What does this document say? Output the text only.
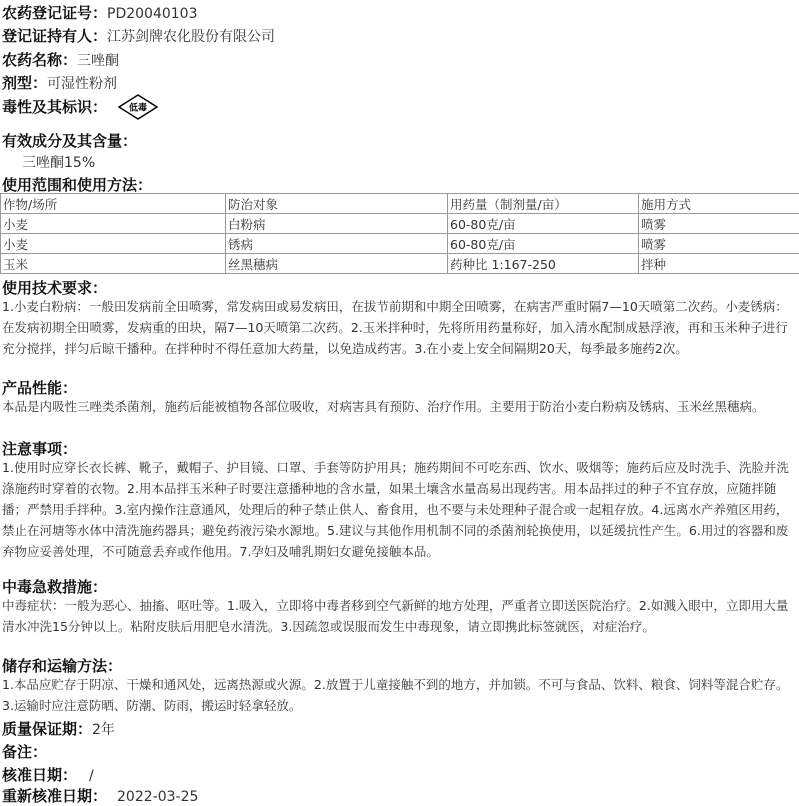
农药登记证号：PD20040103
登记证持有人：江苏剑牌农化股份有限公司
农药名称：三唑酮
剂型：可湿性粉剂
毒性及其标识： 低毒
有效成分及其含量：
三唑酮15%
使用范围和使用方法：
作物/场所	防治对象	用药量（制剂量/亩）	施用方式
小麦	白粉病	60-80克/亩	喷雾
小麦	锈病	60-80克/亩	喷雾
玉米	丝黑穗病	药种比 1:167-250	拌种
使用技术要求：
1.小麦白粉病：一般田发病前全田喷雾，常发病田或易发病田，在拔节前期和中期全田喷雾，在病害严重时隔7—10天喷第二次药。小麦锈病：在发病初期全田喷雾，发病重的田块，隔7—10天喷第二次药。2.玉米拌种时，先将所用药量称好，加入清水配制成悬浮液，再和玉米种子进行充分搅拌，拌匀后晾干播种。在拌种时不得任意加大药量，以免造成药害。3.在小麦上安全间隔期20天，每季最多施药2次。
产品性能：
本品是内吸性三唑类杀菌剂，施药后能被植物各部位吸收，对病害具有预防、治疗作用。主要用于防治小麦白粉病及锈病、玉米丝黑穗病。
注意事项：
1.使用时应穿长衣长裤、靴子，戴帽子、护目镜、口罩、手套等防护用具；施药期间不可吃东西、饮水、吸烟等；施药后应及时洗手、洗脸并洗涤施药时穿着的衣物。2.用本品拌玉米种子时要注意播种地的含水量，如果土壤含水量高易出现药害。用本品拌过的种子不宜存放，应随拌随播；严禁用手拌种。3.室内操作注意通风，处理后的种子禁止供人、畜食用，也不要与未处理种子混合或一起粗存放。4.远离水产养殖区用药，禁止在河塘等水体中清洗施药器具；避免药液污染水源地。5.建议与其他作用机制不同的杀菌剂轮换使用，以延缓抗性产生。6.用过的容器和废弃物应妥善处理，不可随意丢弃或作他用。7.孕妇及哺乳期妇女避免接触本品。
中毒急救措施：
中毒症状：一般为恶心、抽搐、呕吐等。1.吸入，立即将中毒者移到空气新鲜的地方处理，严重者立即送医院治疗。2.如溅入眼中，立即用大量清水冲洗15分钟以上。粘附皮肤后用肥皂水清洗。3.因疏忽或误服而发生中毒现象，请立即携此标签就医，对症治疗。
储存和运输方法：
1.本品应贮存于阴凉、干燥和通风处，远离热源或火源。2.放置于儿童接触不到的地方，并加锁。不可与食品、饮料、粮食、饲料等混合贮存。3.运输时应注意防晒、防潮、防雨，搬运时轻拿轻放。
质量保证期：2年
备注：
核准日期： /
重新核准日期： 2022-03-25
